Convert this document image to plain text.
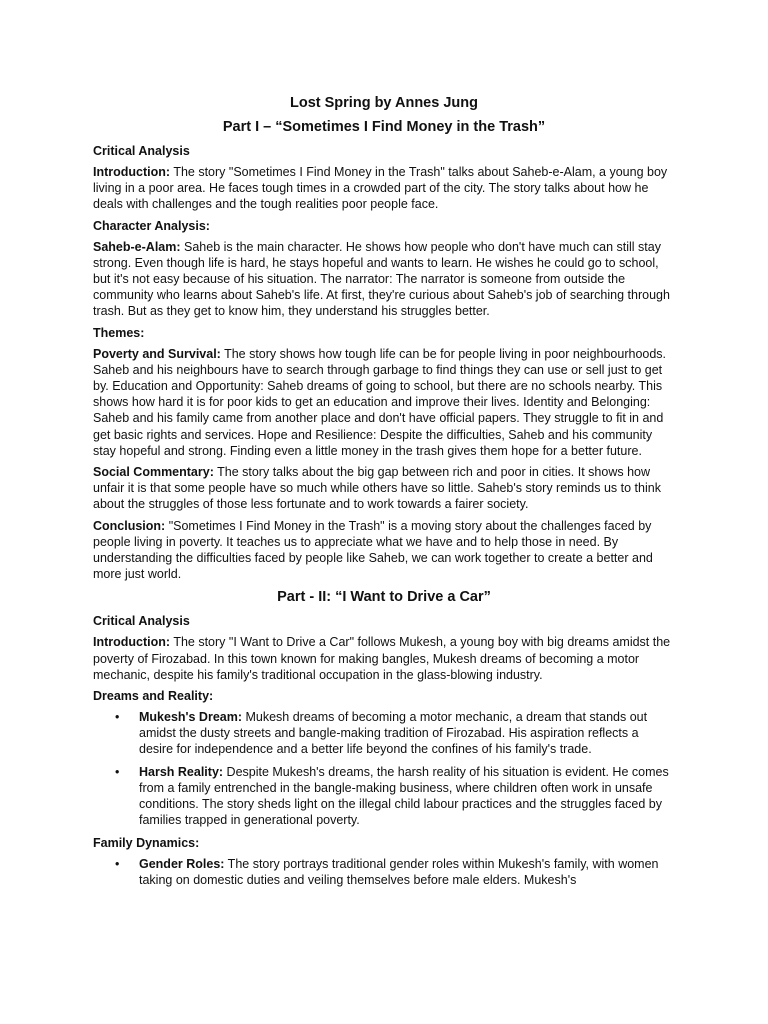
Lost Spring by Annes Jung
Part I – “Sometimes I Find Money in the Trash”
Critical Analysis

Introduction: The story "Sometimes I Find Money in the Trash" talks about Saheb-e-Alam, a young boy living in a poor area. He faces tough times in a crowded part of the city. The story talks about how he deals with challenges and the tough realities poor people face.

Character Analysis:

Saheb-e-Alam: Saheb is the main character. He shows how people who don't have much can still stay strong. Even though life is hard, he stays hopeful and wants to learn. He wishes he could go to school, but it's not easy because of his situation. The narrator: The narrator is someone from outside the community who learns about Saheb's life. At first, they're curious about Saheb's job of searching through trash. But as they get to know him, they understand his struggles better.

Themes:

Poverty and Survival: The story shows how tough life can be for people living in poor neighbourhoods. Saheb and his neighbours have to search through garbage to find things they can use or sell just to get by. Education and Opportunity: Saheb dreams of going to school, but there are no schools nearby. This shows how hard it is for poor kids to get an education and improve their lives. Identity and Belonging: Saheb and his family came from another place and don't have official papers. They struggle to fit in and get basic rights and services. Hope and Resilience: Despite the difficulties, Saheb and his community stay hopeful and strong. Finding even a little money in the trash gives them hope for a better future.

Social Commentary: The story talks about the big gap between rich and poor in cities. It shows how unfair it is that some people have so much while others have so little. Saheb's story reminds us to think about the struggles of those less fortunate and to work towards a fairer society.

Conclusion: "Sometimes I Find Money in the Trash" is a moving story about the challenges faced by people living in poverty. It teaches us to appreciate what we have and to help those in need. By understanding the difficulties faced by people like Saheb, we can work together to create a better and more just world.

Part - II: “I Want to Drive a Car”
Critical Analysis

Introduction: The story "I Want to Drive a Car" follows Mukesh, a young boy with big dreams amidst the poverty of Firozabad. In this town known for making bangles, Mukesh dreams of becoming a motor mechanic, despite his family's traditional occupation in the glass-blowing industry.

Dreams and Reality:
• Mukesh's Dream: Mukesh dreams of becoming a motor mechanic, a dream that stands out amidst the dusty streets and bangle-making tradition of Firozabad. His aspiration reflects a desire for independence and a better life beyond the confines of his family's trade.
• Harsh Reality: Despite Mukesh's dreams, the harsh reality of his situation is evident. He comes from a family entrenched in the bangle-making business, where children often work in unsafe conditions. The story sheds light on the illegal child labour practices and the struggles faced by families trapped in generational poverty.
Family Dynamics:
• Gender Roles: The story portrays traditional gender roles within Mukesh's family, with women taking on domestic duties and veiling themselves before male elders. Mukesh's
